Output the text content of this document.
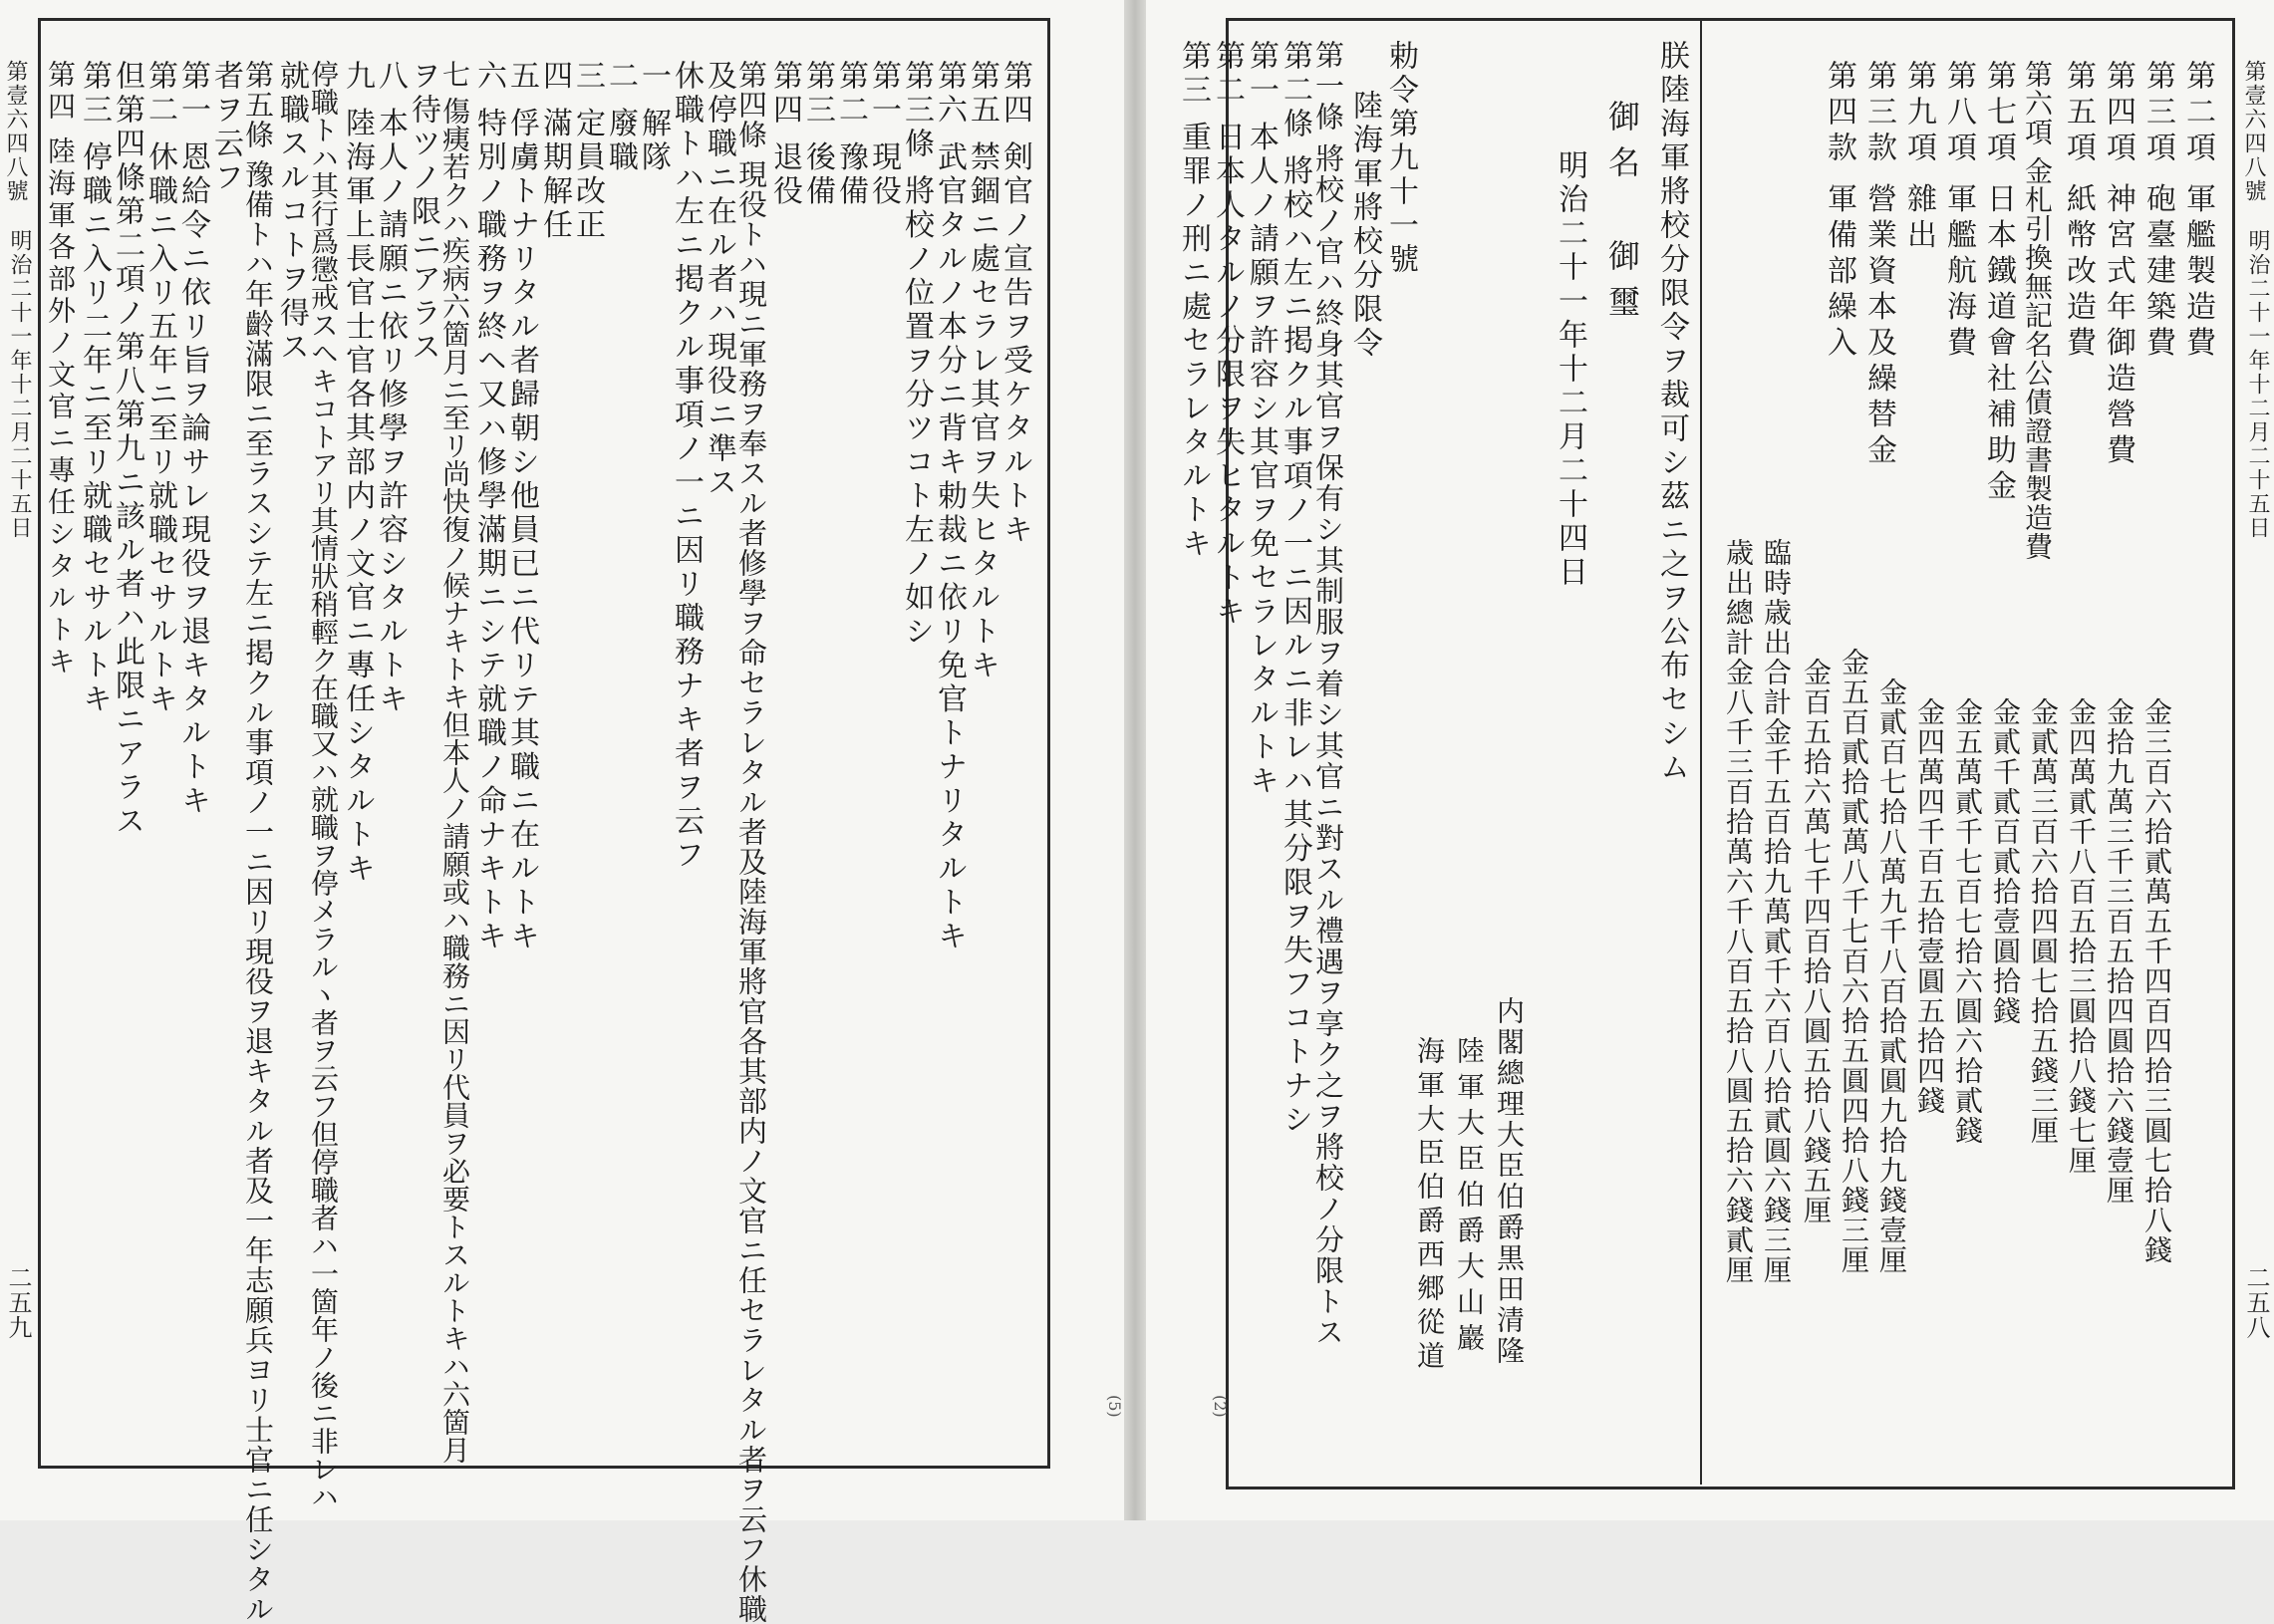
第壹六四八號
明治二十一年十二月二十五日
二五九
(5)
第四 剣官ノ宣告ヲ受ケタルトキ
第五 禁錮ニ處セラレ其官ヲ失ヒタルトキ
第六 武官タルノ本分ニ背キ勅裁ニ依リ免官トナリタルトキ
第三條 將校ノ位置ヲ分ツコト左ノ如シ
第一 現役
第二 豫備
第三 後備
第四 退役
第四條 現役トハ現ニ軍務ヲ奉スル者修學ヲ命セラレタル者及陸海軍將官各其部内ノ文官ニ任セラレタル者ヲ云フ休職
及停職ニ在ル者ハ現役ニ準ス
休職トハ左ニ掲クル事項ノ一ニ因リ職務ナキ者ヲ云フ
一 解隊
二 廢職
三 定員改正
四 滿期解任
五 俘虜トナリタル者歸朝シ他員已ニ代リテ其職ニ在ルトキ
六 特別ノ職務ヲ終ヘ又ハ修學滿期ニシテ就職ノ命ナキトキ
七 傷痍若クハ疾病六箇月ニ至リ尚快復ノ候ナキトキ但本人ノ請願或ハ職務ニ因リ代員ヲ必要トスルトキハ六箇月
ヲ待ツノ限ニアラス
八 本人ノ請願ニ依リ修學ヲ許容シタルトキ
九 陸海軍上長官士官各其部内ノ文官ニ專任シタルトキ
停職トハ其行爲懲戒スヘキコトアリ其情狀稍輕ク在職又ハ就職ヲ停メラルヽ者ヲ云フ但停職者ハ一箇年ノ後ニ非レハ
就職スルコトヲ得ス
第五條 豫備トハ年齡滿限ニ至ラスシテ左ニ掲クル事項ノ一ニ因リ現役ヲ退キタル者及一年志願兵ヨリ士官ニ任シタル
者ヲ云フ
第一 恩給令ニ依リ旨ヲ論サレ現役ヲ退キタルトキ
第二 休職ニ入リ五年ニ至リ就職セサルトキ
但第四條第二項ノ第八第九ニ該ル者ハ此限ニアラス
第三 停職ニ入リ二年ニ至リ就職セサルトキ
第四 陸海軍各部外ノ文官ニ專任シタルトキ	第壹六四八號
明治二十一年十二月二十五日
二五八
(2)
第二項 軍艦製造費
第三項 砲臺建築費
第四項 神宮式年御造營費
第五項 紙幣改造費
第六項 金札引換無記名公債證書製造費
第七項 日本鐵道會社補助金
第八項 軍艦航海費
第九項 雜出
第三款 營業資本及繰替金
第四款 軍備部繰入
金三百六拾貳萬五千四百四拾三圓七拾八錢
金拾九萬三千三百五拾四圓拾六錢壹厘
金四萬貳千八百五拾三圓拾八錢七厘
金貳萬三百六拾四圓七拾五錢三厘
金貳千貳百貳拾壹圓拾錢
金五萬貳千七百七拾六圓六拾貳錢
金四萬四千百五拾壹圓五拾四錢
金貳百七拾八萬九千八百拾貳圓九拾九錢壹厘
金五百貳拾貳萬八千七百六拾五圓四拾八錢三厘
金百五拾六萬七千四百拾八圓五拾八錢五厘
臨時歳出合計金千五百拾九萬貳千六百八拾貳圓六錢三厘
歳出總計金八千三百拾萬六千八百五拾八圓五拾六錢貳厘
朕陸海軍將校分限令ヲ裁可シ茲ニ之ヲ公布セシム
御名
御璽
明治二十一年十二月二十四日
内閣總理大臣伯爵黒田清隆
陸軍大臣伯爵大山巖
海軍大臣伯爵西郷從道
勅令第九十一號
陸海軍將校分限令
第一條 將校ノ官ハ終身其官ヲ保有シ其制服ヲ着シ其官ニ對スル禮遇ヲ享ク之ヲ將校ノ分限トス
第二條 將校ハ左ニ掲クル事項ノ一ニ因ルニ非レハ其分限ヲ失フコトナシ
第一 本人ノ請願ヲ許容シ其官ヲ免セラレタルトキ
第二 日本人タルノ分限ヲ失ヒタルトキ
第三 重罪ノ刑ニ處セラレタルトキ
